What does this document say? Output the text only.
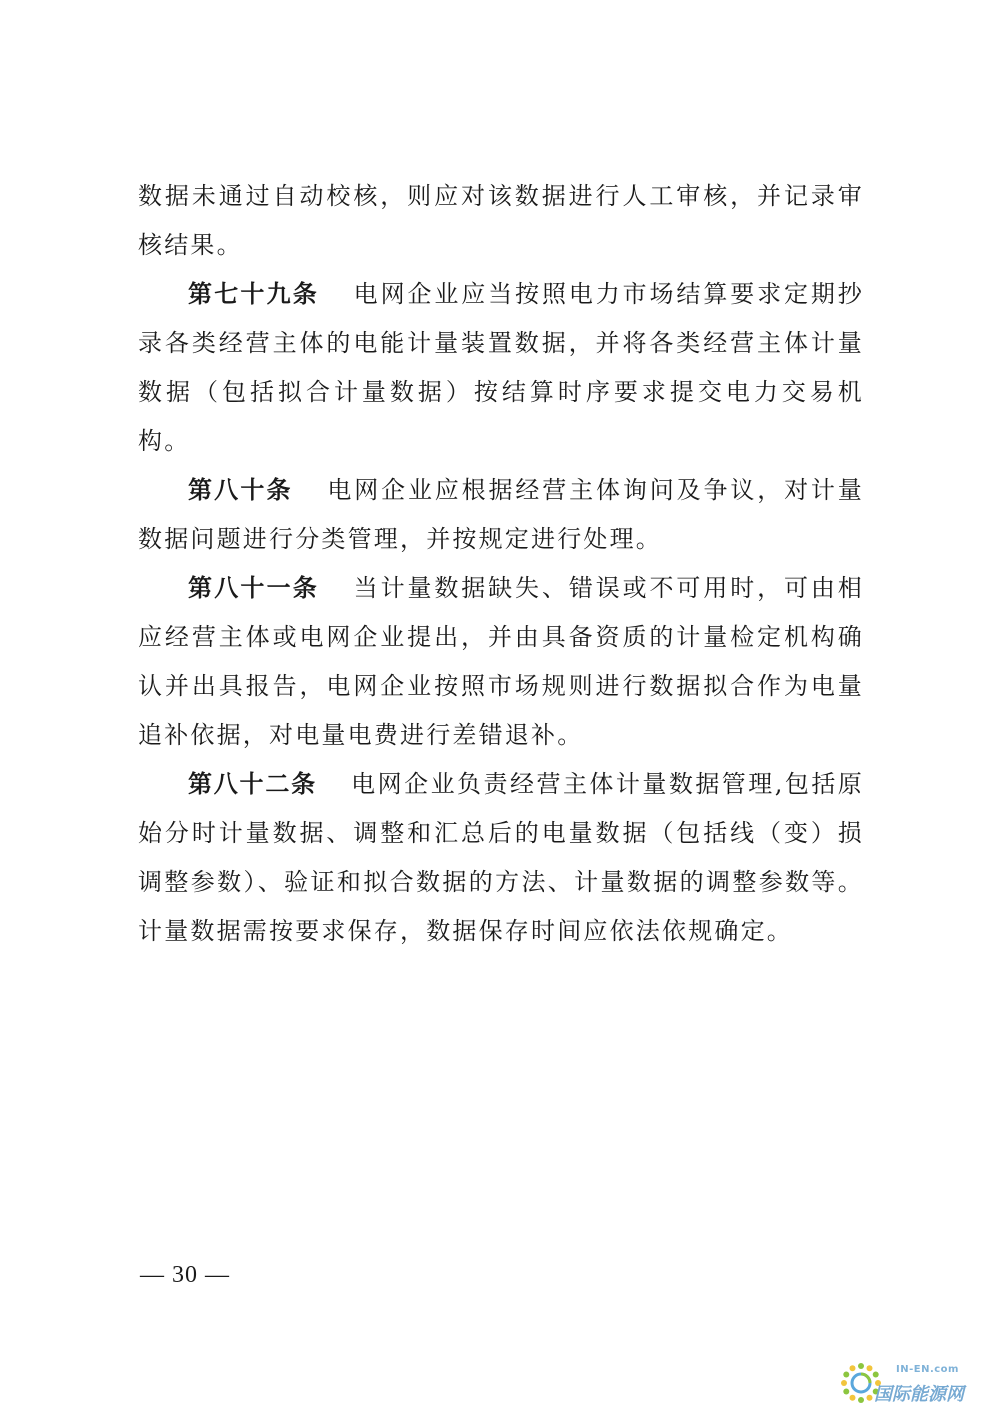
数据未通过自动校核，则应对该数据进行人工审核，并记录审核结果。

第七十九条 电网企业应当按照电力市场结算要求定期抄录各类经营主体的电能计量装置数据，并将各类经营主体计量数据（包括拟合计量数据）按结算时序要求提交电力交易机构。

第八十条 电网企业应根据经营主体询问及争议，对计量数据问题进行分类管理，并按规定进行处理。

第八十一条 当计量数据缺失、错误或不可用时，可由相应经营主体或电网企业提出，并由具备资质的计量检定机构确认并出具报告，电网企业按照市场规则进行数据拟合作为电量追补依据，对电量电费进行差错退补。

第八十二条 电网企业负责经营主体计量数据管理,包括原始分时计量数据、调整和汇总后的电量数据（包括线（变）损调整参数）、验证和拟合数据的方法、计量数据的调整参数等。计量数据需按要求保存，数据保存时间应依法依规确定。

— 30 —
IN-EN.com
国际能源网
